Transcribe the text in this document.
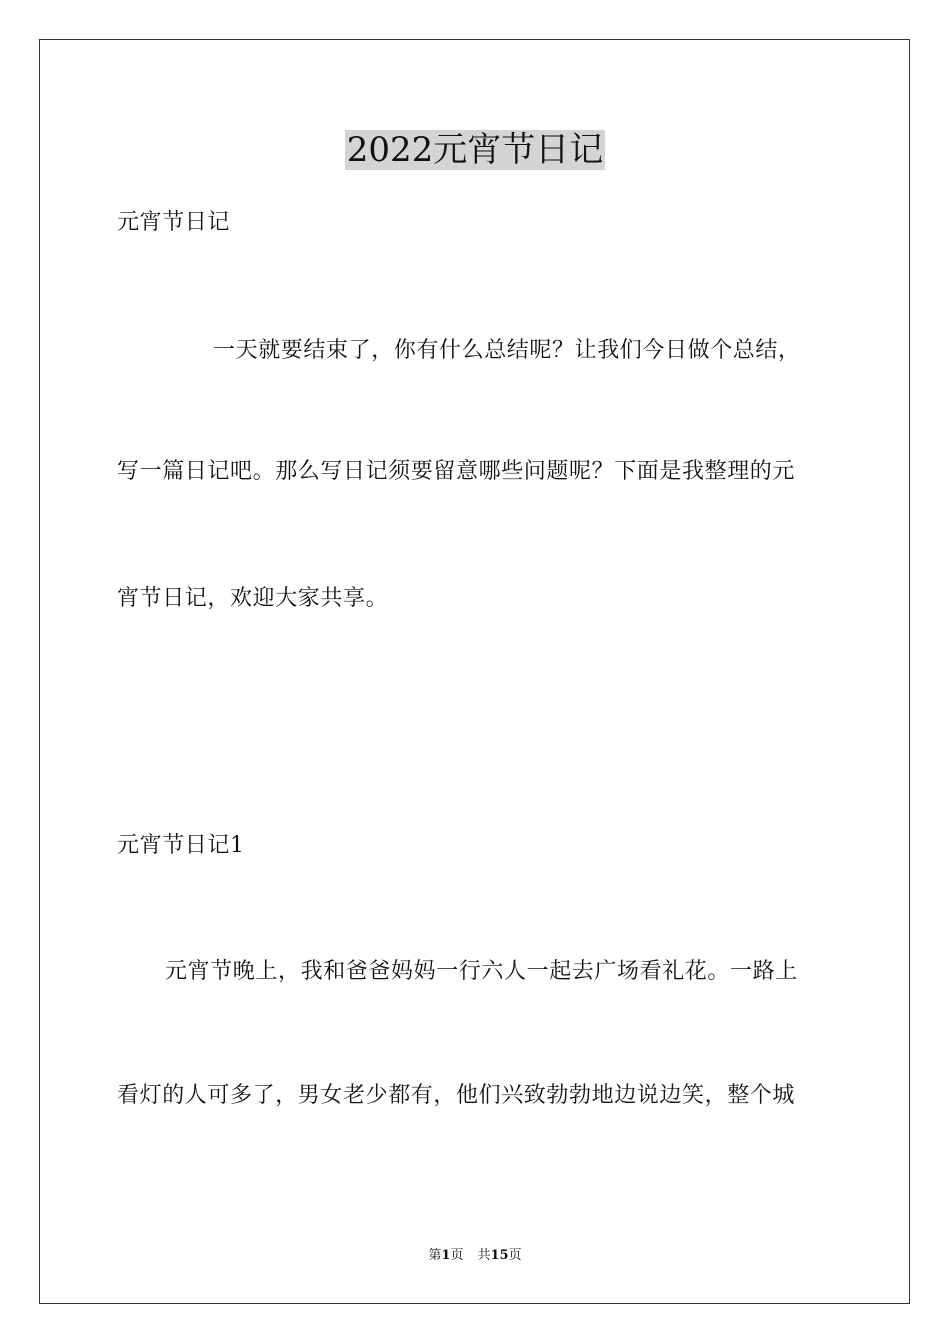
2022元宵节日记
元宵节日记
一天就要结束了，你有什么总结呢？让我们今日做个总结，
写一篇日记吧。那么写日记须要留意哪些问题呢？下面是我整理的元
宵节日记，欢迎大家共享。
元宵节日记1
元宵节晚上，我和爸爸妈妈一行六人一起去广场看礼花。一路上
看灯的人可多了，男女老少都有，他们兴致勃勃地边说边笑，整个城
第1页 共15页
